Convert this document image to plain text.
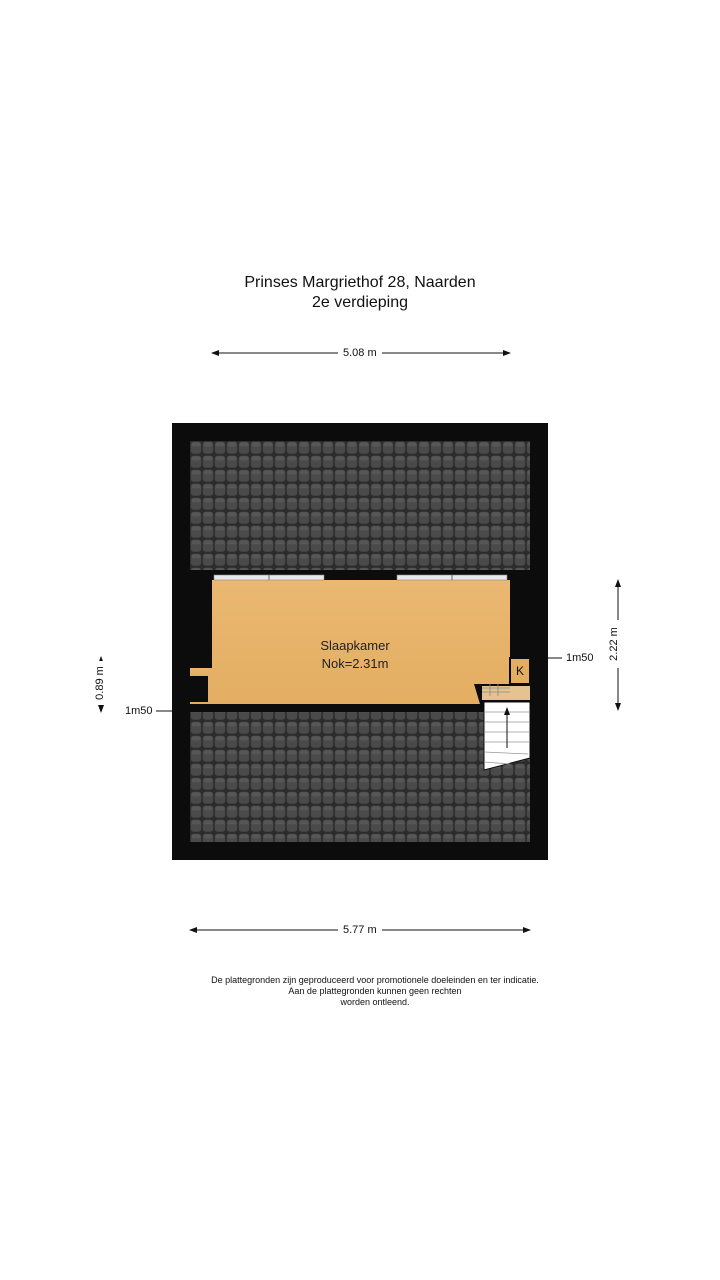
Prinses Margriethof 28, Naarden
2e verdieping
Slaapkamer
Nok=2.31m	K
5.08 m
5.77 m
1m50
1m50
2.22 m
0.89 m
De plattegronden zijn geproduceerd voor promotionele doeleinden en ter indicatie.
Aan de plattegronden kunnen geen rechten
worden ontleend.
